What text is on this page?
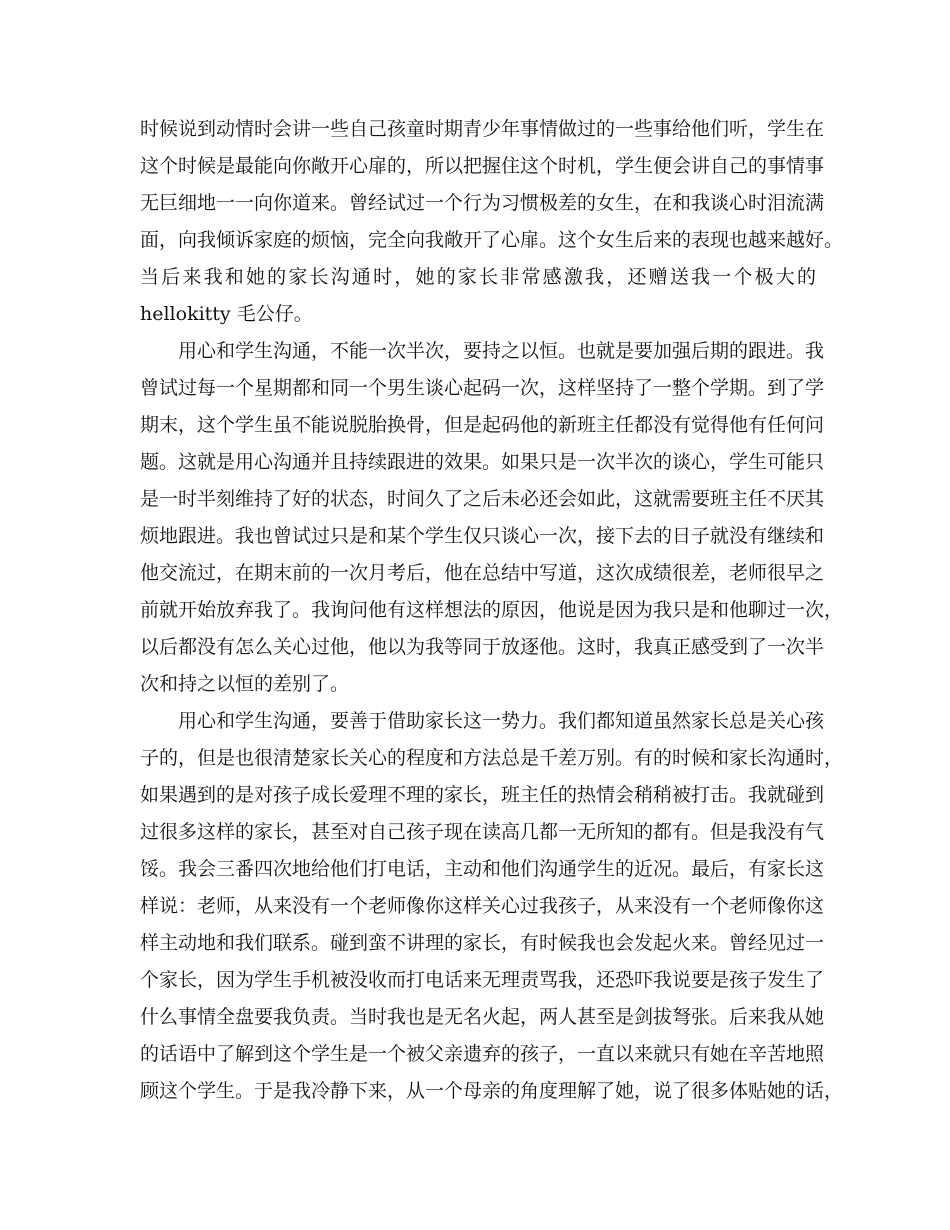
时候说到动情时会讲一些自己孩童时期青少年事情做过的一些事给他们听，学生在
这个时候是最能向你敞开心扉的，所以把握住这个时机，学生便会讲自己的事情事
无巨细地一一向你道来。曾经试过一个行为习惯极差的女生，在和我谈心时泪流满
面，向我倾诉家庭的烦恼，完全向我敞开了心扉。这个女生后来的表现也越来越好。
当后来我和她的家长沟通时，她的家长非常感激我，还赠送我一个极大的
hellokitty 毛公仔。
用心和学生沟通，不能一次半次，要持之以恒。也就是要加强后期的跟进。我
曾试过每一个星期都和同一个男生谈心起码一次，这样坚持了一整个学期。到了学
期末，这个学生虽不能说脱胎换骨，但是起码他的新班主任都没有觉得他有任何问
题。这就是用心沟通并且持续跟进的效果。如果只是一次半次的谈心，学生可能只
是一时半刻维持了好的状态，时间久了之后未必还会如此，这就需要班主任不厌其
烦地跟进。我也曾试过只是和某个学生仅只谈心一次，接下去的日子就没有继续和
他交流过，在期末前的一次月考后，他在总结中写道，这次成绩很差，老师很早之
前就开始放弃我了。我询问他有这样想法的原因，他说是因为我只是和他聊过一次，
以后都没有怎么关心过他，他以为我等同于放逐他。这时，我真正感受到了一次半
次和持之以恒的差别了。
用心和学生沟通，要善于借助家长这一势力。我们都知道虽然家长总是关心孩
子的，但是也很清楚家长关心的程度和方法总是千差万别。有的时候和家长沟通时，
如果遇到的是对孩子成长爱理不理的家长，班主任的热情会稍稍被打击。我就碰到
过很多这样的家长，甚至对自己孩子现在读高几都一无所知的都有。但是我没有气
馁。我会三番四次地给他们打电话，主动和他们沟通学生的近况。最后，有家长这
样说：老师，从来没有一个老师像你这样关心过我孩子，从来没有一个老师像你这
样主动地和我们联系。碰到蛮不讲理的家长，有时候我也会发起火来。曾经见过一
个家长，因为学生手机被没收而打电话来无理责骂我，还恐吓我说要是孩子发生了
什么事情全盘要我负责。当时我也是无名火起，两人甚至是剑拔弩张。后来我从她
的话语中了解到这个学生是一个被父亲遗弃的孩子，一直以来就只有她在辛苦地照
顾这个学生。于是我冷静下来，从一个母亲的角度理解了她，说了很多体贴她的话，
